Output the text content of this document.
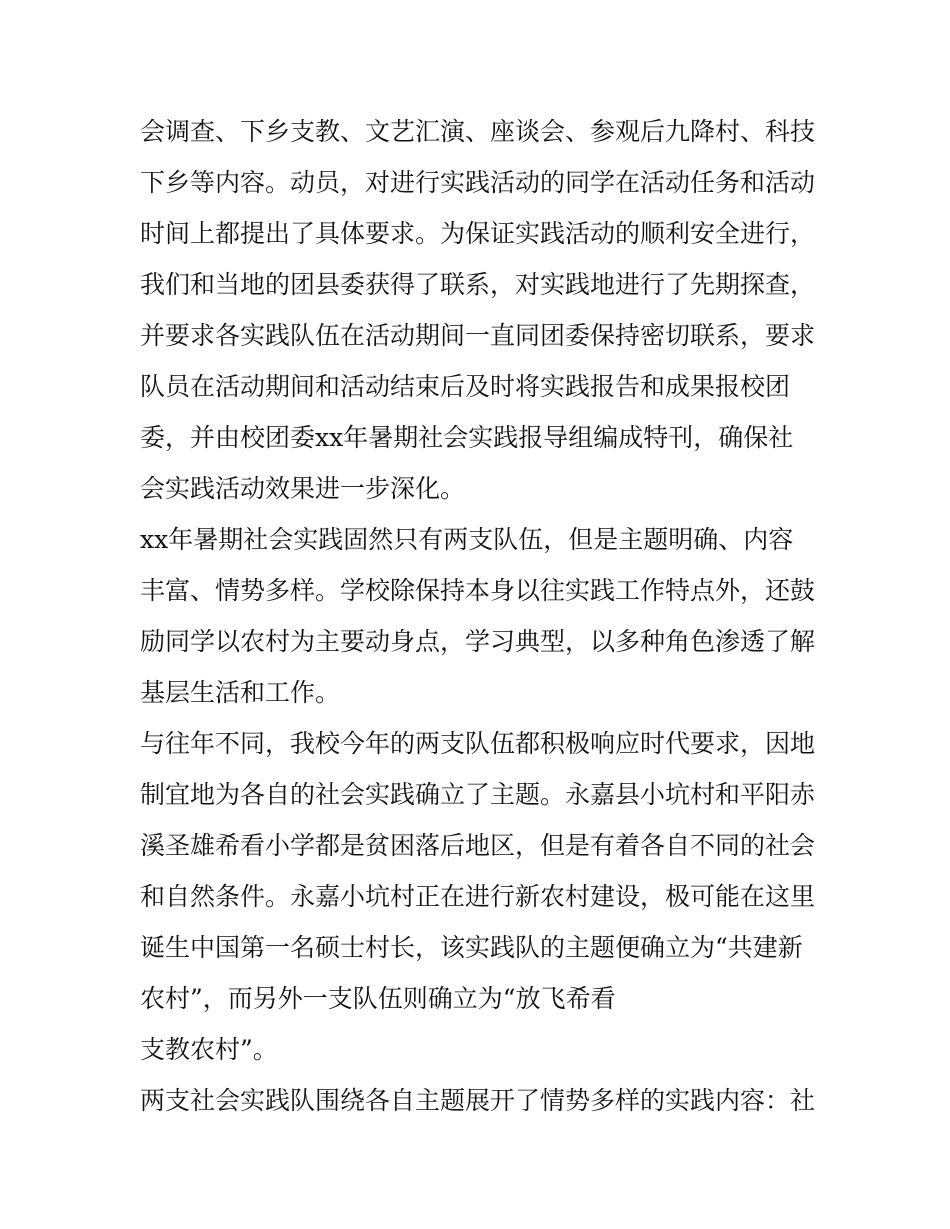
会调查、下乡支教、文艺汇演、座谈会、参观后九降村、科技
下乡等内容。动员，对进行实践活动的同学在活动任务和活动
时间上都提出了具体要求。为保证实践活动的顺利安全进行，
我们和当地的团县委获得了联系，对实践地进行了先期探查，
并要求各实践队伍在活动期间一直同团委保持密切联系，要求
队员在活动期间和活动结束后及时将实践报告和成果报校团
委，并由校团委xx年暑期社会实践报导组编成特刊，确保社
会实践活动效果进一步深化。
xx年暑期社会实践固然只有两支队伍，但是主题明确、内容
丰富、情势多样。学校除保持本身以往实践工作特点外，还鼓
励同学以农村为主要动身点，学习典型，以多种角色渗透了解
基层生活和工作。
与往年不同，我校今年的两支队伍都积极响应时代要求，因地
制宜地为各自的社会实践确立了主题。永嘉县小坑村和平阳赤
溪圣雄希看小学都是贫困落后地区，但是有着各自不同的社会
和自然条件。永嘉小坑村正在进行新农村建设，极可能在这里
诞生中国第一名硕士村长，该实践队的主题便确立为“共建新
农村”，而另外一支队伍则确立为“放飞希看
支教农村”。
两支社会实践队围绕各自主题展开了情势多样的实践内容：社
